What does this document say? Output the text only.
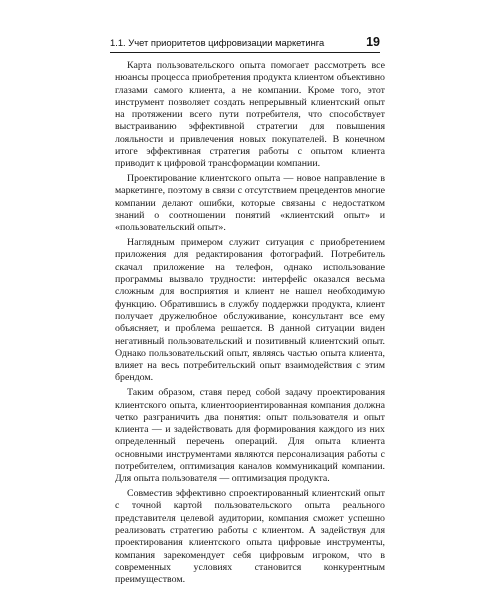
1.1. Учет приоритетов цифровизации маркетинга	19

Карта пользовательского опыта помогает рассмотреть все нюансы процесса приобретения продукта клиентом объективно глазами самого клиента, а не компании. Кроме того, этот инструмент позволяет создать непрерывный клиентский опыт на протяжении всего пути потребителя, что способствует выстраиванию эффективной стратегии для повышения лояльности и привлечения новых покупателей. В конечном итоге эффективная стратегия работы с опытом клиента приводит к цифровой трансформации компании.

Проектирование клиентского опыта — новое направление в маркетинге, поэтому в связи с отсутствием прецедентов многие компании делают ошибки, которые связаны с недостатком знаний о соотношении понятий «клиентский опыт» и «пользовательский опыт».

Наглядным примером служит ситуация с приобретением приложения для редактирования фотографий. Потребитель скачал приложение на телефон, однако использование программы вызвало трудности: интерфейс оказался весьма сложным для восприятия и клиент не нашел необходимую функцию. Обратившись в службу поддержки продукта, клиент получает дружелюбное обслуживание, консультант все ему объясняет, и проблема решается. В данной ситуации виден негативный пользовательский и позитивный клиентский опыт. Однако пользовательский опыт, являясь частью опыта клиента, влияет на весь потребительский опыт взаимодействия с этим брендом.

Таким образом, ставя перед собой задачу проектирования клиентского опыта, клиентоориентированная компания должна четко разграничить два понятия: опыт пользователя и опыт клиента — и задействовать для формирования каждого из них определенный перечень операций. Для опыта клиента основными инструментами являются персонализация работы с потребителем, оптимизация каналов коммуникаций компании. Для опыта пользователя — оптимизация продукта.

Совместив эффективно спроектированный клиентский опыт с точной картой пользовательского опыта реального представителя целевой аудитории, компания сможет успешно реализовать стратегию работы с клиентом. А задействуя для проектирования клиентского опыта цифровые инструменты, компания зарекомендует себя цифровым игроком, что в современных условиях становится конкурентным преимуществом.
